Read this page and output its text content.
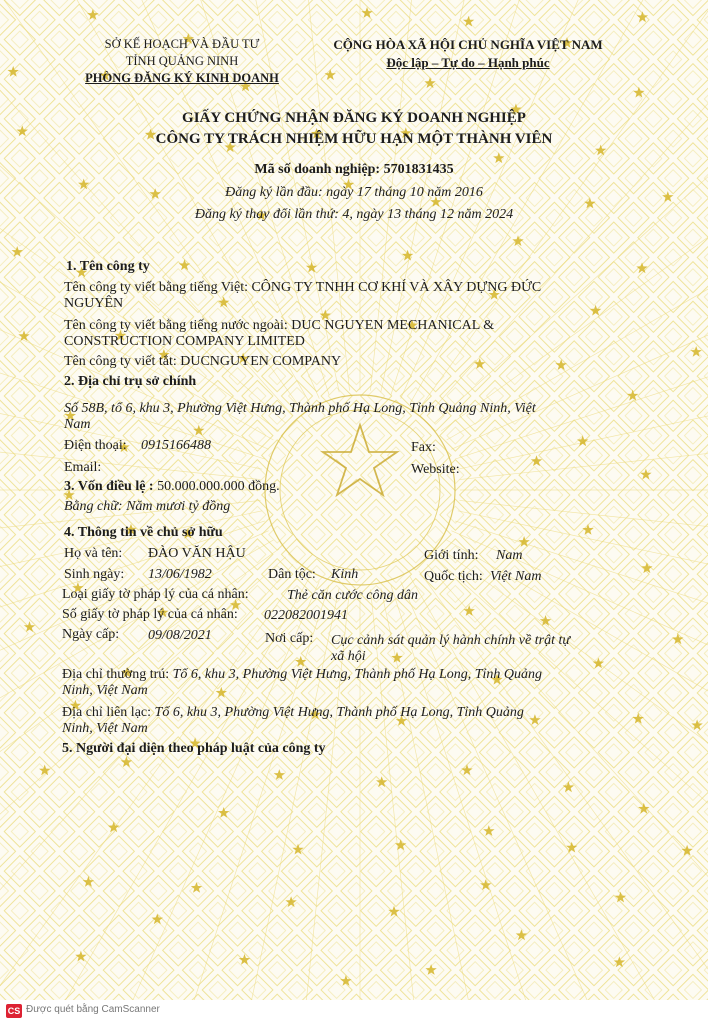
SỞ KẾ HOẠCH VÀ ĐẦU TƯ
TỈNH QUẢNG NINH
PHÒNG ĐĂNG KÝ KINH DOANH
CỘNG HÒA XÃ HỘI CHỦ NGHĨA VIỆT NAM
Độc lập – Tự do – Hạnh phúc
GIẤY CHỨNG NHẬN ĐĂNG KÝ DOANH NGHIỆP
CÔNG TY TRÁCH NHIỆM HỮU HẠN MỘT THÀNH VIÊN
Mã số doanh nghiệp: 5701831435
Đăng ký lần đầu: ngày 17 tháng 10 năm 2016
Đăng ký thay đổi lần thứ: 4, ngày 13 tháng 12 năm 2024
1. Tên công ty
Tên công ty viết bằng tiếng Việt: CÔNG TY TNHH CƠ KHÍ VÀ XÂY DỰNG ĐỨC
NGUYÊN
Tên công ty viết bằng tiếng nước ngoài: DUC NGUYEN MECHANICAL &
CONSTRUCTION COMPANY LIMITED
Tên công ty viết tắt: DUCNGUYEN COMPANY
2. Địa chỉ trụ sở chính
Số 58B, tổ 6, khu 3, Phường Việt Hưng, Thành phố Hạ Long, Tỉnh Quảng Ninh, Việt
Nam
Điện thoại: 0915166488	Fax:
Email:	Website:
3. Vốn điều lệ : 50.000.000.000 đồng.
Bằng chữ: Năm mươi tỷ đồng
4. Thông tin về chủ sở hữu
Họ và tên: ĐÀO VĂN HẬU	Giới tính: Nam
Sinh ngày: 13/06/1982	Dân tộc: Kinh	Quốc tịch: Việt Nam
Loại giấy tờ pháp lý của cá nhân:	Thẻ căn cước công dân
Số giấy tờ pháp lý của cá nhân: 022082001941
Ngày cấp: 09/08/2021	Nơi cấp: Cục cảnh sát quản lý hành chính về trật tự
xã hội
Địa chỉ thường trú: Tổ 6, khu 3, Phường Việt Hưng, Thành phố Hạ Long, Tỉnh Quảng
Ninh, Việt Nam
Địa chỉ liên lạc: Tổ 6, khu 3, Phường Việt Hưng, Thành phố Hạ Long, Tỉnh Quảng
Ninh, Việt Nam
5. Người đại diện theo pháp luật của công ty
CS Được quét bằng CamScanner
